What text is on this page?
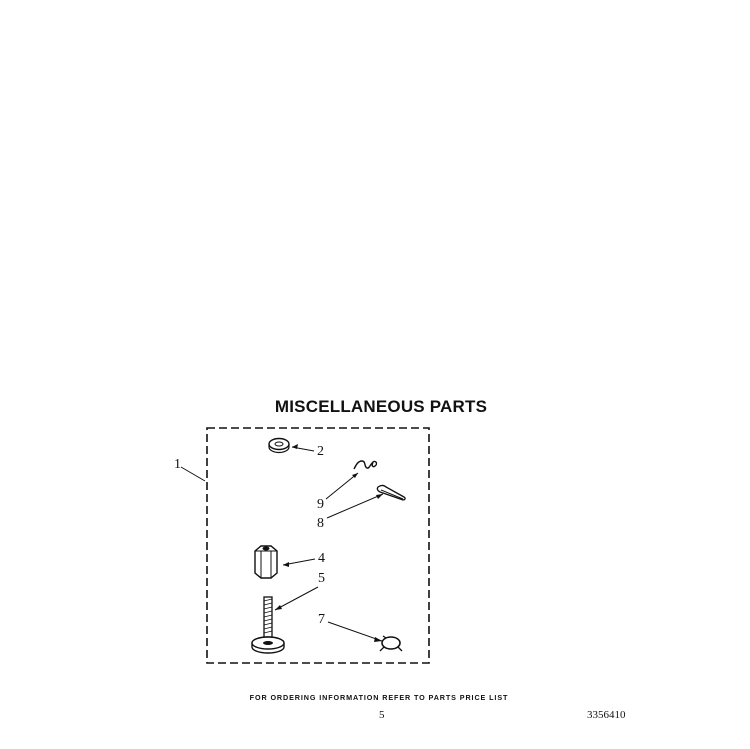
MISCELLANEOUS PARTS
1
2
9
8
4
5
7
FOR ORDERING INFORMATION REFER TO PARTS PRICE LIST
5	3356410
